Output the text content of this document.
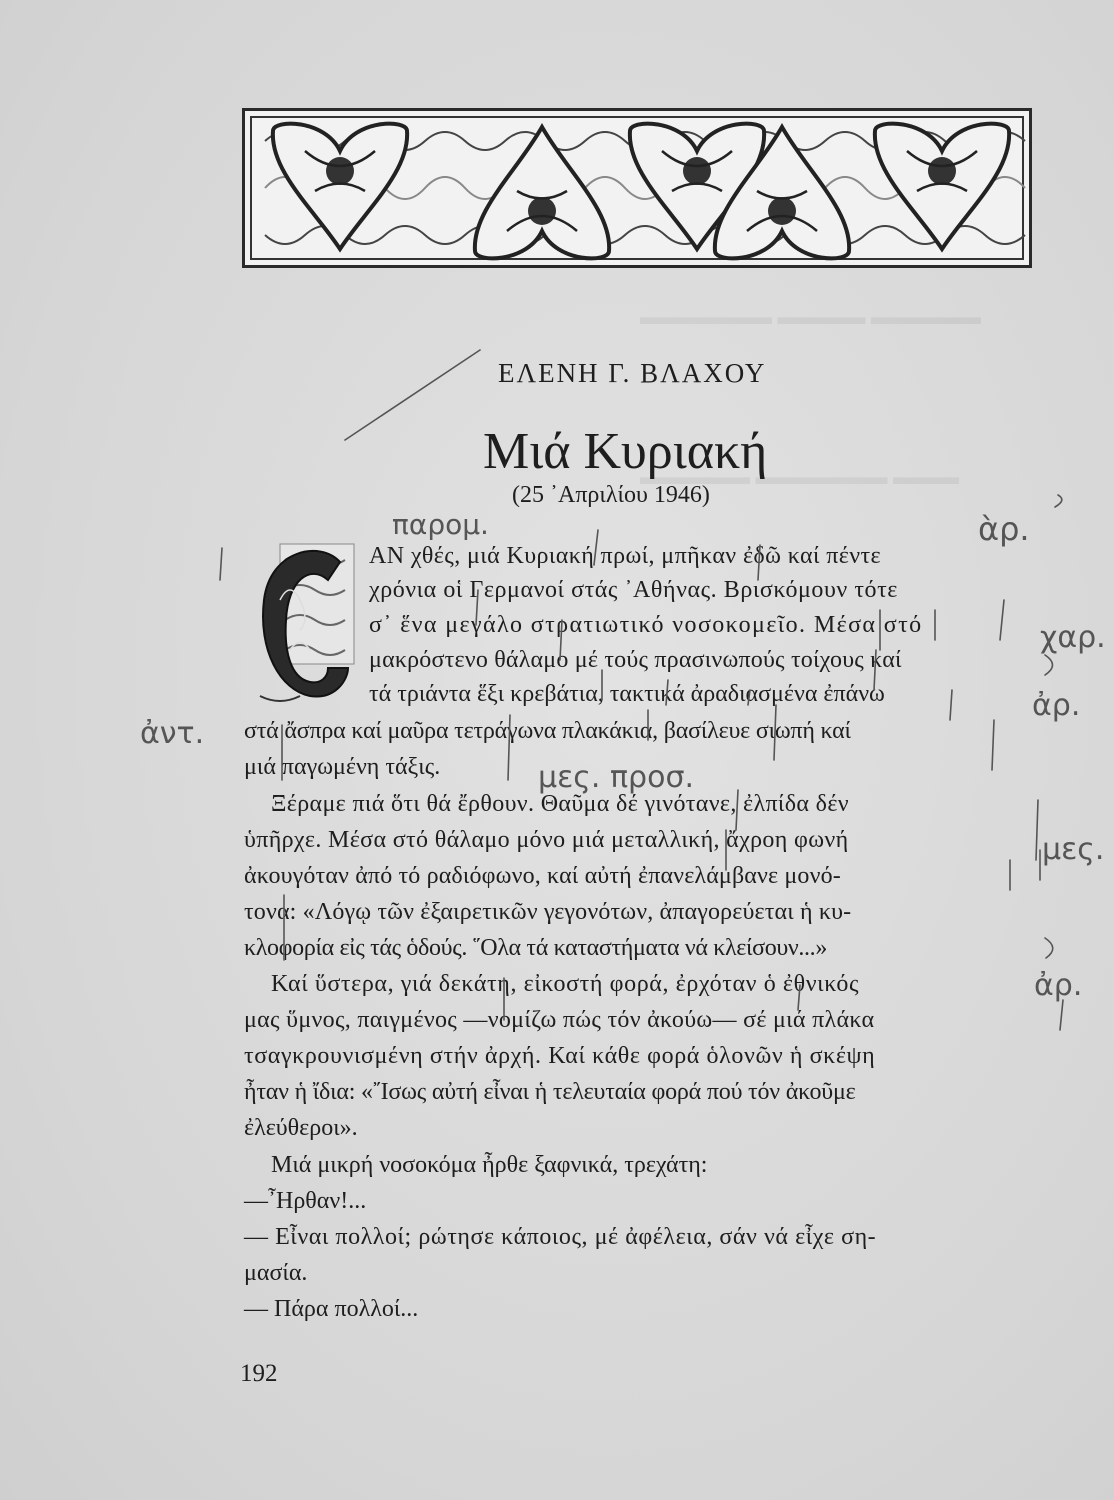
▬▬▬▬▬▬ ▬▬▬▬ ▬▬▬▬▬
▬▬▬▬▬ ▬▬▬▬▬▬ ▬▬▬
ΕΛΕΝΗ Γ. ΒΛΑΧΟΥ
Μιά Κυριακή
(25 ᾿Απριλίου 1946)
ΑΝ χθές, μιά Κυριακή πρωί, μπῆκαν ἐδῶ καί πέντε
χρόνια οἱ Γερμανοί στάς ᾿Αθήνας. Βρισκόμουν τότε
σ᾿ ἕνα μεγάλο στρατιωτικό νοσοκομεῖο. Μέσα στό
μακρόστενο θάλαμο μέ τούς πρασινωπούς τοίχους καί
τά τριάντα ἕξι κρεβάτια, τακτικά ἀραδιασμένα ἐπάνω
στά ἄσπρα καί μαῦρα τετράγωνα πλακάκια, βασίλευε σιωπή καί
μιά παγωμένη τάξις.
Ξέραμε πιά ὅτι θά ἔρθουν. Θαῦμα δέ γινότανε, ἐλπίδα δέν
ὑπῆρχε. Μέσα στό θάλαμο μόνο μιά μεταλλική, ἄχροη φωνή
ἀκουγόταν ἀπό τό ραδιόφωνο, καί αὐτή ἐπανελάμβανε μονό-
τονα: «Λόγῳ τῶν ἐξαιρετικῶν γεγονότων, ἀπαγορεύεται ἡ κυ-
κλοφορία εἰς τάς ὁδούς. ῞Ολα τά καταστήματα νά κλείσουν...»
Καί ὕστερα, γιά δεκάτη, εἰκοστή φορά, ἐρχόταν ὁ ἐθνικός
μας ὕμνος, παιγμένος —νομίζω πώς τόν ἀκούω— σέ μιά πλάκα
τσαγκρουνισμένη στήν ἀρχή. Καί κάθε φορά ὁλονῶν ἡ σκέψη
ἦταν ἡ ἴδια: «῎Ισως αὐτή εἶναι ἡ τελευταία φορά πού τόν ἀκοῦμε
ἐλεύθεροι».
Μιά μικρή νοσοκόμα ἦρθε ξαφνικά, τρεχάτη:
—῏Ηρθαν!...
— Εἶναι πολλοί; ρώτησε κάποιος, μέ ἀφέλεια, σάν νά εἶχε ση-
μασία.
— Πάρα πολλοί...
192
παρομ.	ὰρ.
χαρ.
ἀρ.
ἀντ.
μες. προσ.
μες.
ἀρ.
